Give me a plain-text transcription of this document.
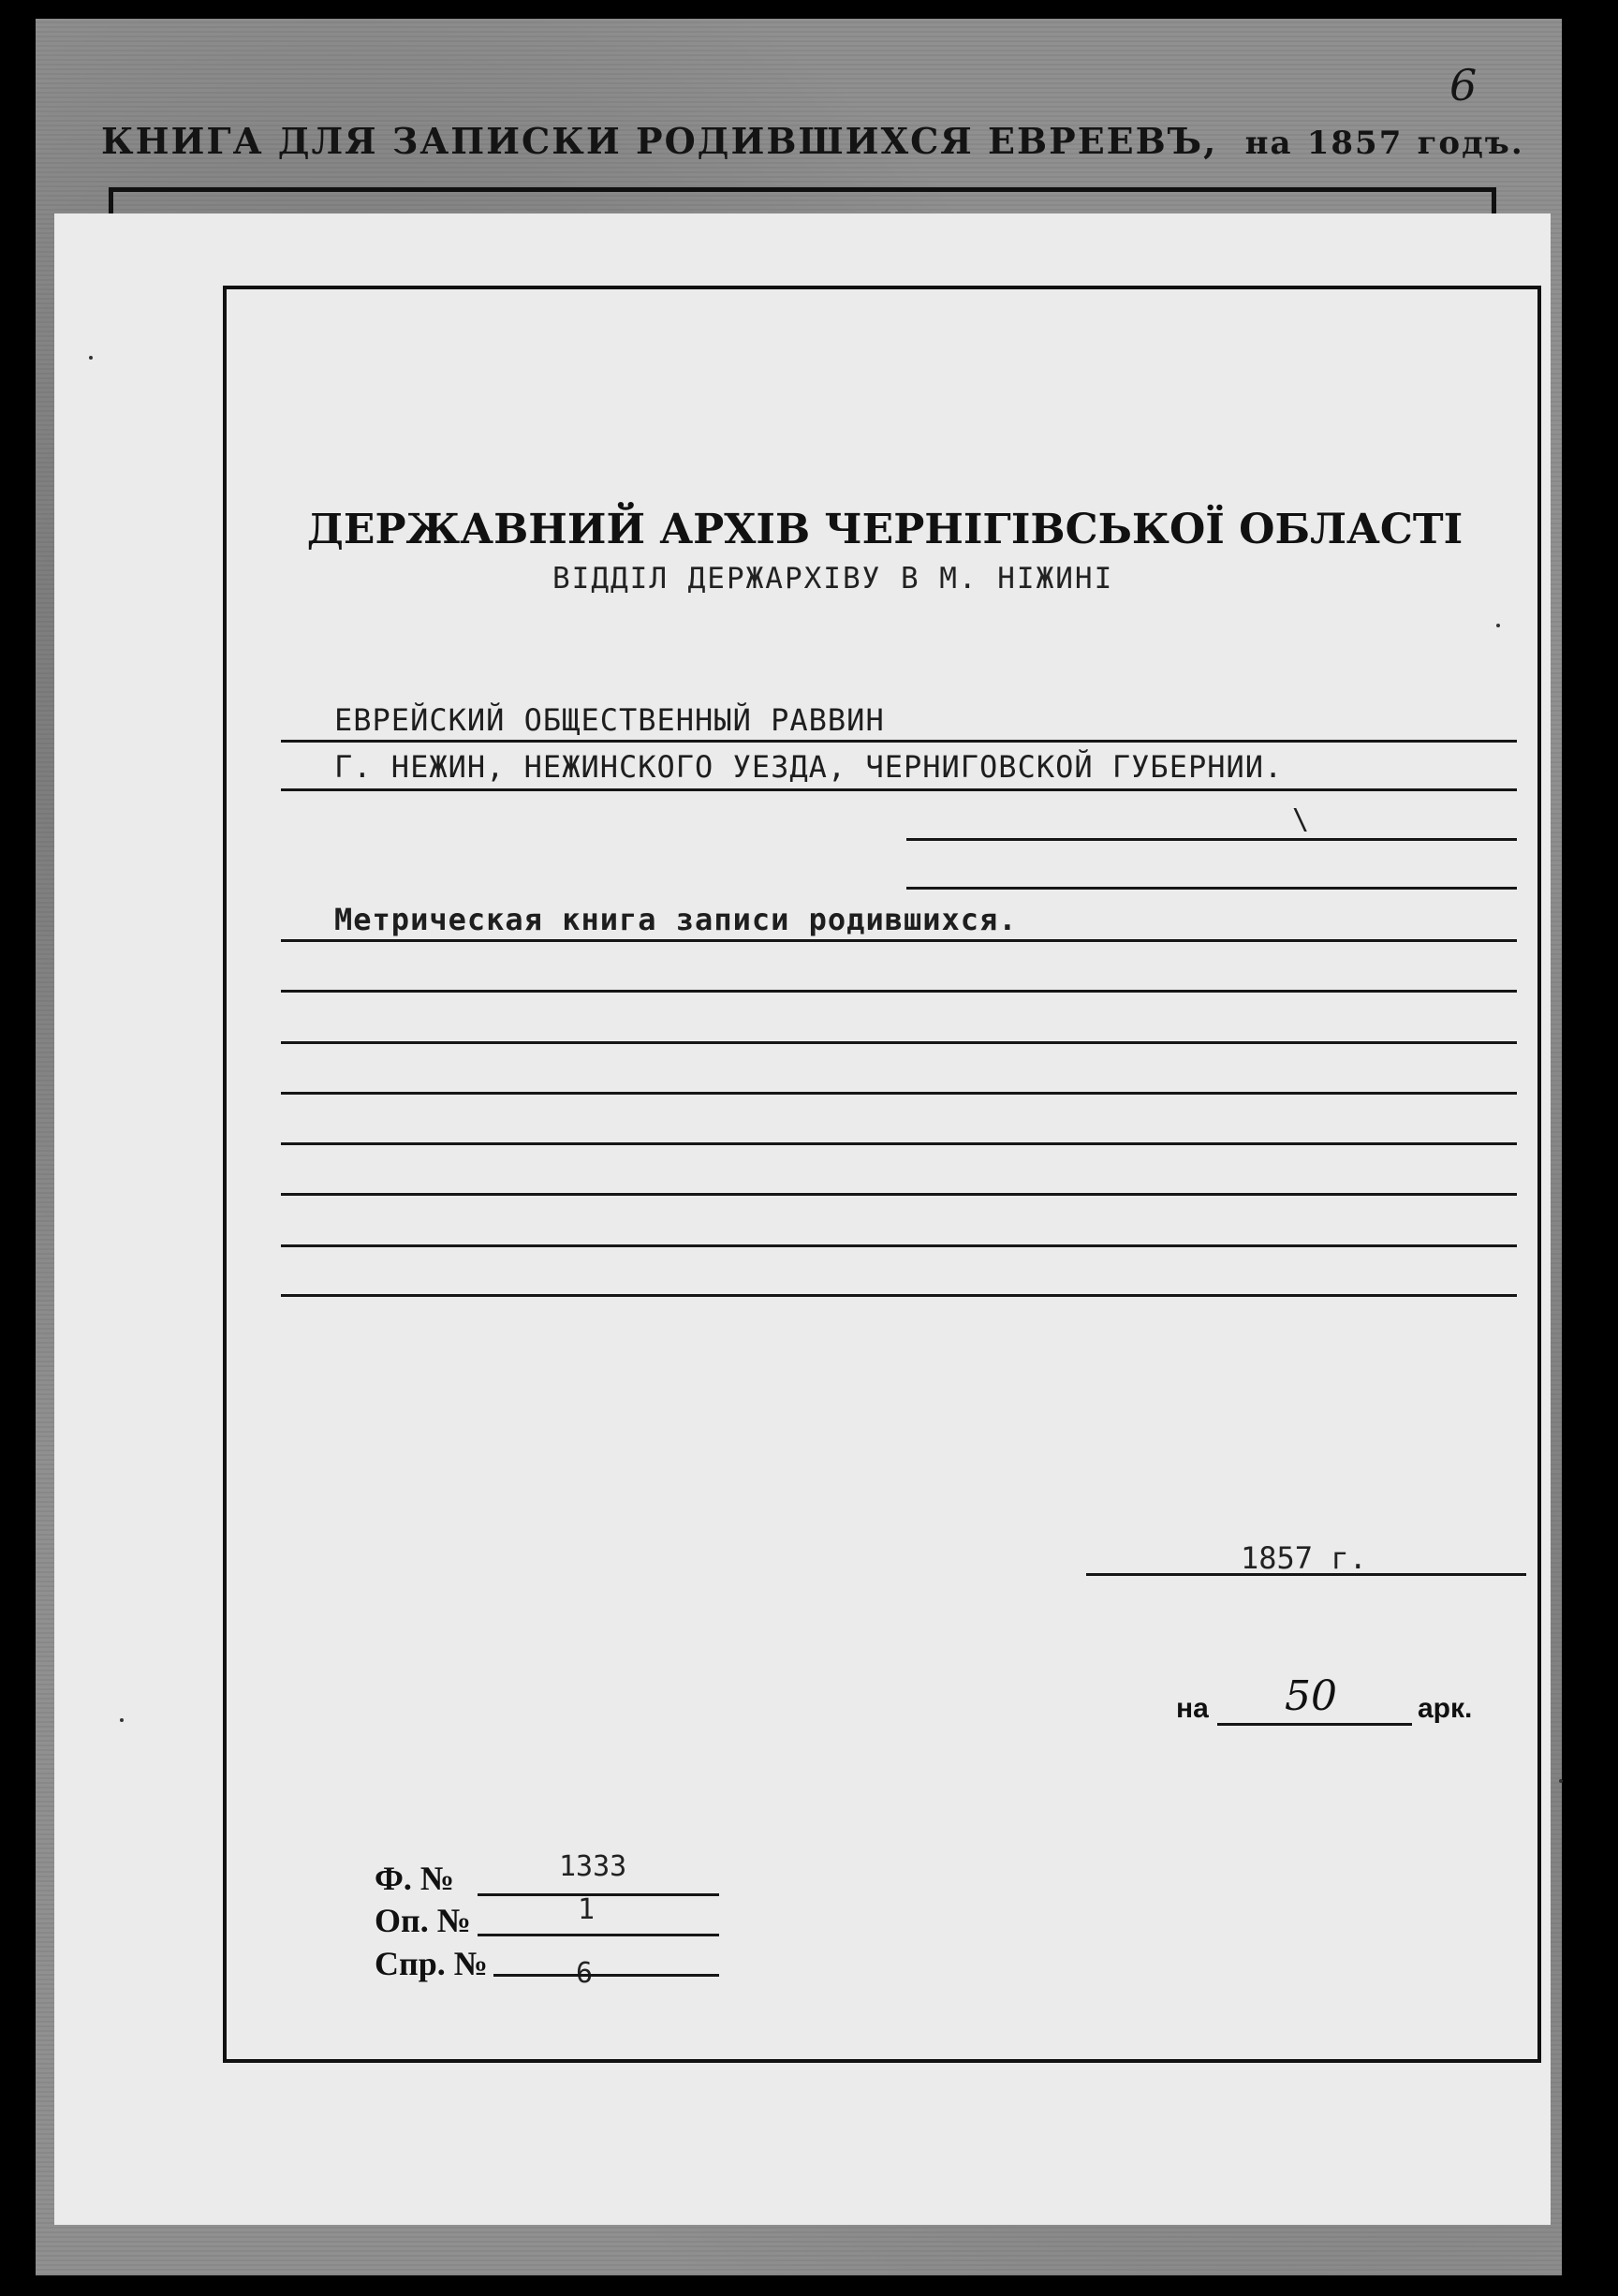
6
КНИГА ДЛЯ ЗАПИСКИ РОДИВШИХСЯ ЕВРЕЕВЪ, на 1857 годъ.
ДЕРЖАВНИЙ АРХІВ ЧЕРНІГІВСЬКОЇ ОБЛАСТІ
ВІДДІЛ ДЕРЖАРХІВУ В М. НІЖИНІ
ЕВРЕЙСКИЙ ОБЩЕСТВЕННЫЙ РАВВИН
Г. НЕЖИН, НЕЖИНСКОГО УЕЗДА, ЧЕРНИГОВСКОЙ ГУБЕРНИИ.
\
Метрическая книга записи родившихся.
1857 г.
на 50	арк.
Ф. №	1333
Оп. №	1
Спр. №	6
